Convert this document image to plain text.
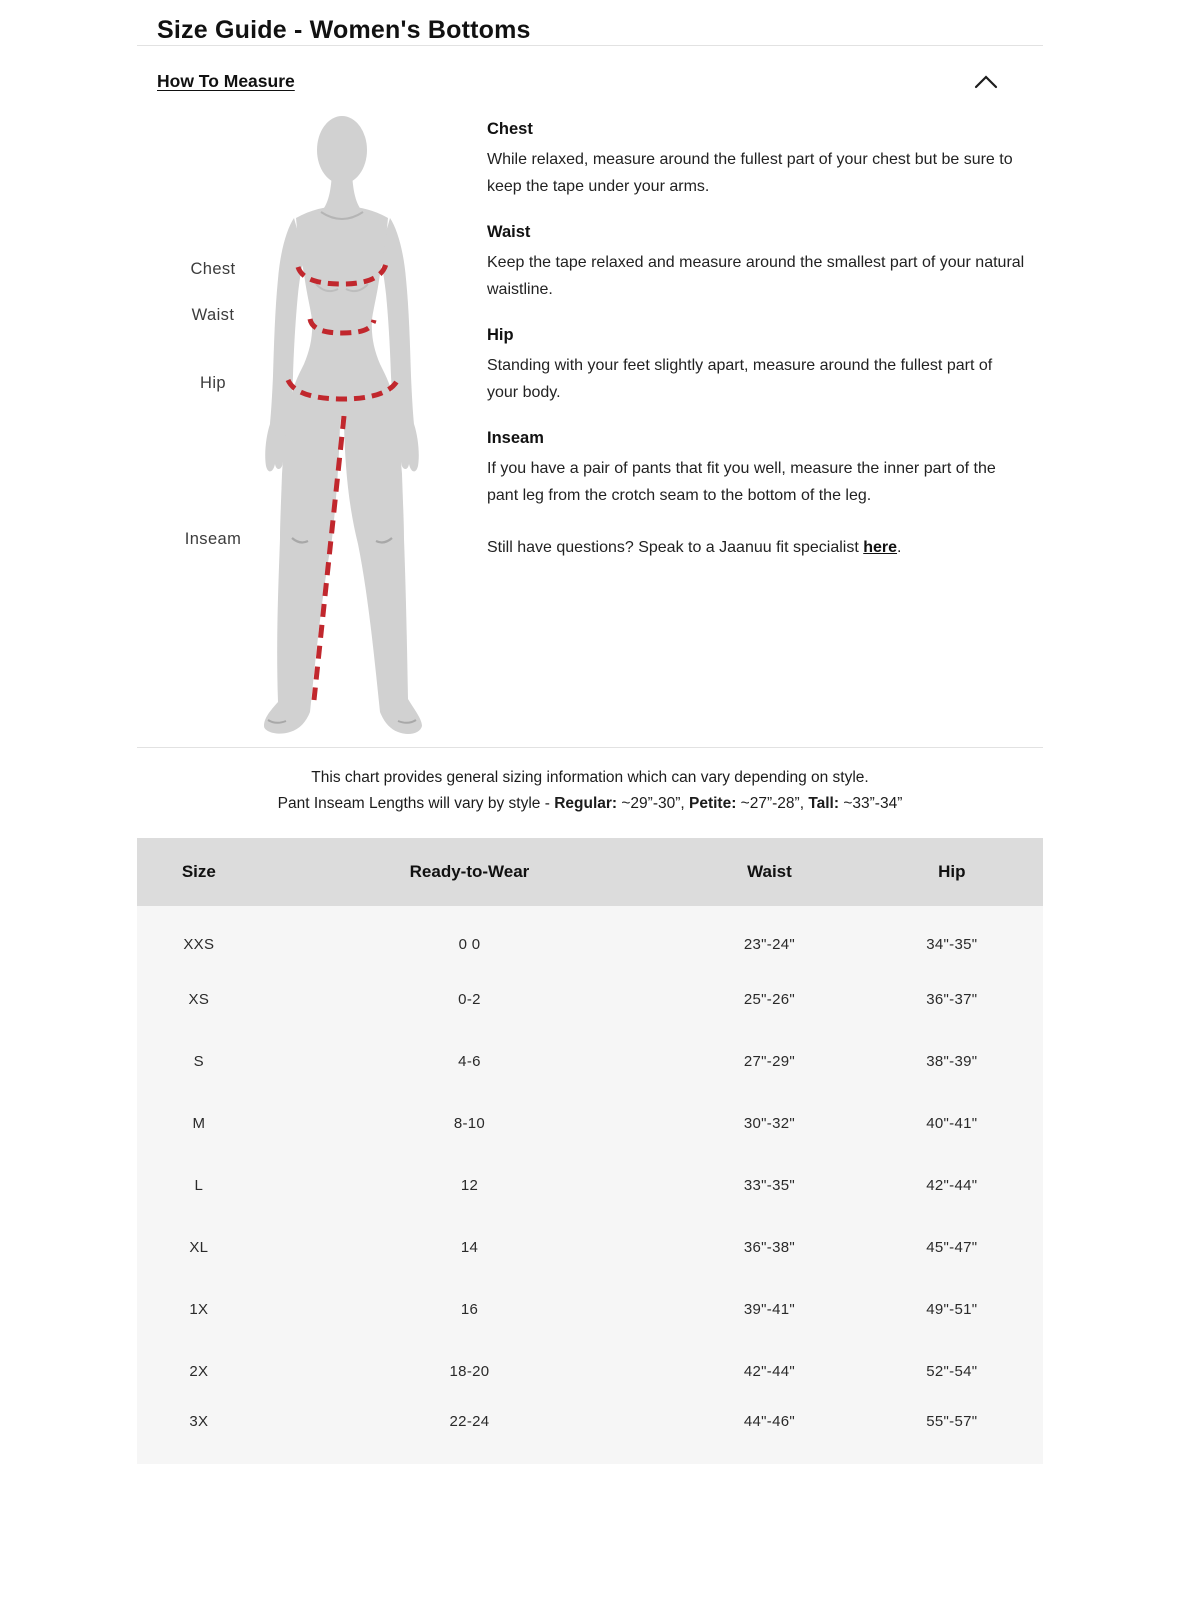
Size Guide - Women's Bottoms
How To Measure
Chest
Waist
Hip
Inseam
Chest

While relaxed, measure around the fullest part of your chest but be sure to keep the tape under your arms.

Waist

Keep the tape relaxed and measure around the smallest part of your natural waistline.

Hip

Standing with your feet slightly apart, measure around the fullest part of your body.

Inseam

If you have a pair of pants that fit you well, measure the inner part of the pant leg from the crotch seam to the bottom of the leg.

Still have questions? Speak to a Jaanuu fit specialist here.

This chart provides general sizing information which can vary depending on style.

Pant Inseam Lengths will vary by style - Regular: ~29”-30”, Petite: ~27”-28”, Tall: ~33”-34”

Size	Ready-to-Wear	Waist	Hip
XXS	0 0	23"-24"	34"-35"
XS	0-2	25"-26"	36"-37"
S	4-6	27"-29"	38"-39"
M	8-10	30"-32"	40"-41"
L	12	33"-35"	42"-44"
XL	14	36"-38"	45"-47"
1X	16	39"-41"	49"-51"
2X	18-20	42"-44"	52"-54"
3X	22-24	44"-46"	55"-57"
